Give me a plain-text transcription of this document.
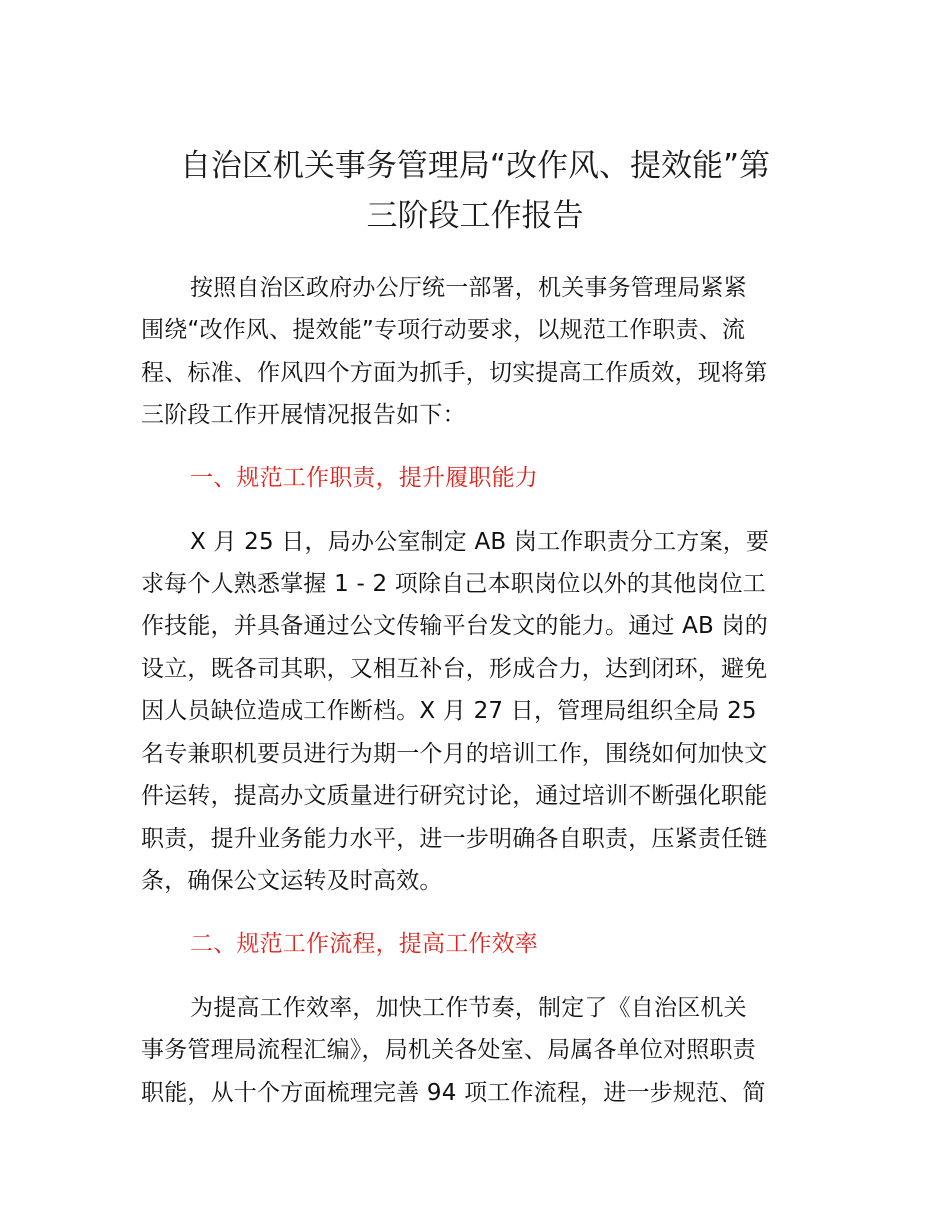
自治区机关事务管理局“改作风、提效能”第
三阶段工作报告

按照自治区政府办公厅统一部署，机关事务管理局紧紧

围绕“改作风、提效能”专项行动要求，以规范工作职责、流

程、标准、作风四个方面为抓手，切实提高工作质效，现将第

三阶段工作开展情况报告如下：

一、规范工作职责，提升履职能力

X 月 25 日，局办公室制定 AB 岗工作职责分工方案，要

求每个人熟悉掌握 1 - 2 项除自己本职岗位以外的其他岗位工

作技能，并具备通过公文传输平台发文的能力。通过 AB 岗的

设立，既各司其职，又相互补台，形成合力，达到闭环，避免

因人员缺位造成工作断档。X 月 27 日，管理局组织全局 25

名专兼职机要员进行为期一个月的培训工作，围绕如何加快文

件运转，提高办文质量进行研究讨论，通过培训不断强化职能

职责，提升业务能力水平，进一步明确各自职责，压紧责任链

条，确保公文运转及时高效。

二、规范工作流程，提高工作效率

为提高工作效率，加快工作节奏，制定了《自治区机关

事务管理局流程汇编》，局机关各处室、局属各单位对照职责

职能，从十个方面梳理完善 94 项工作流程，进一步规范、简
